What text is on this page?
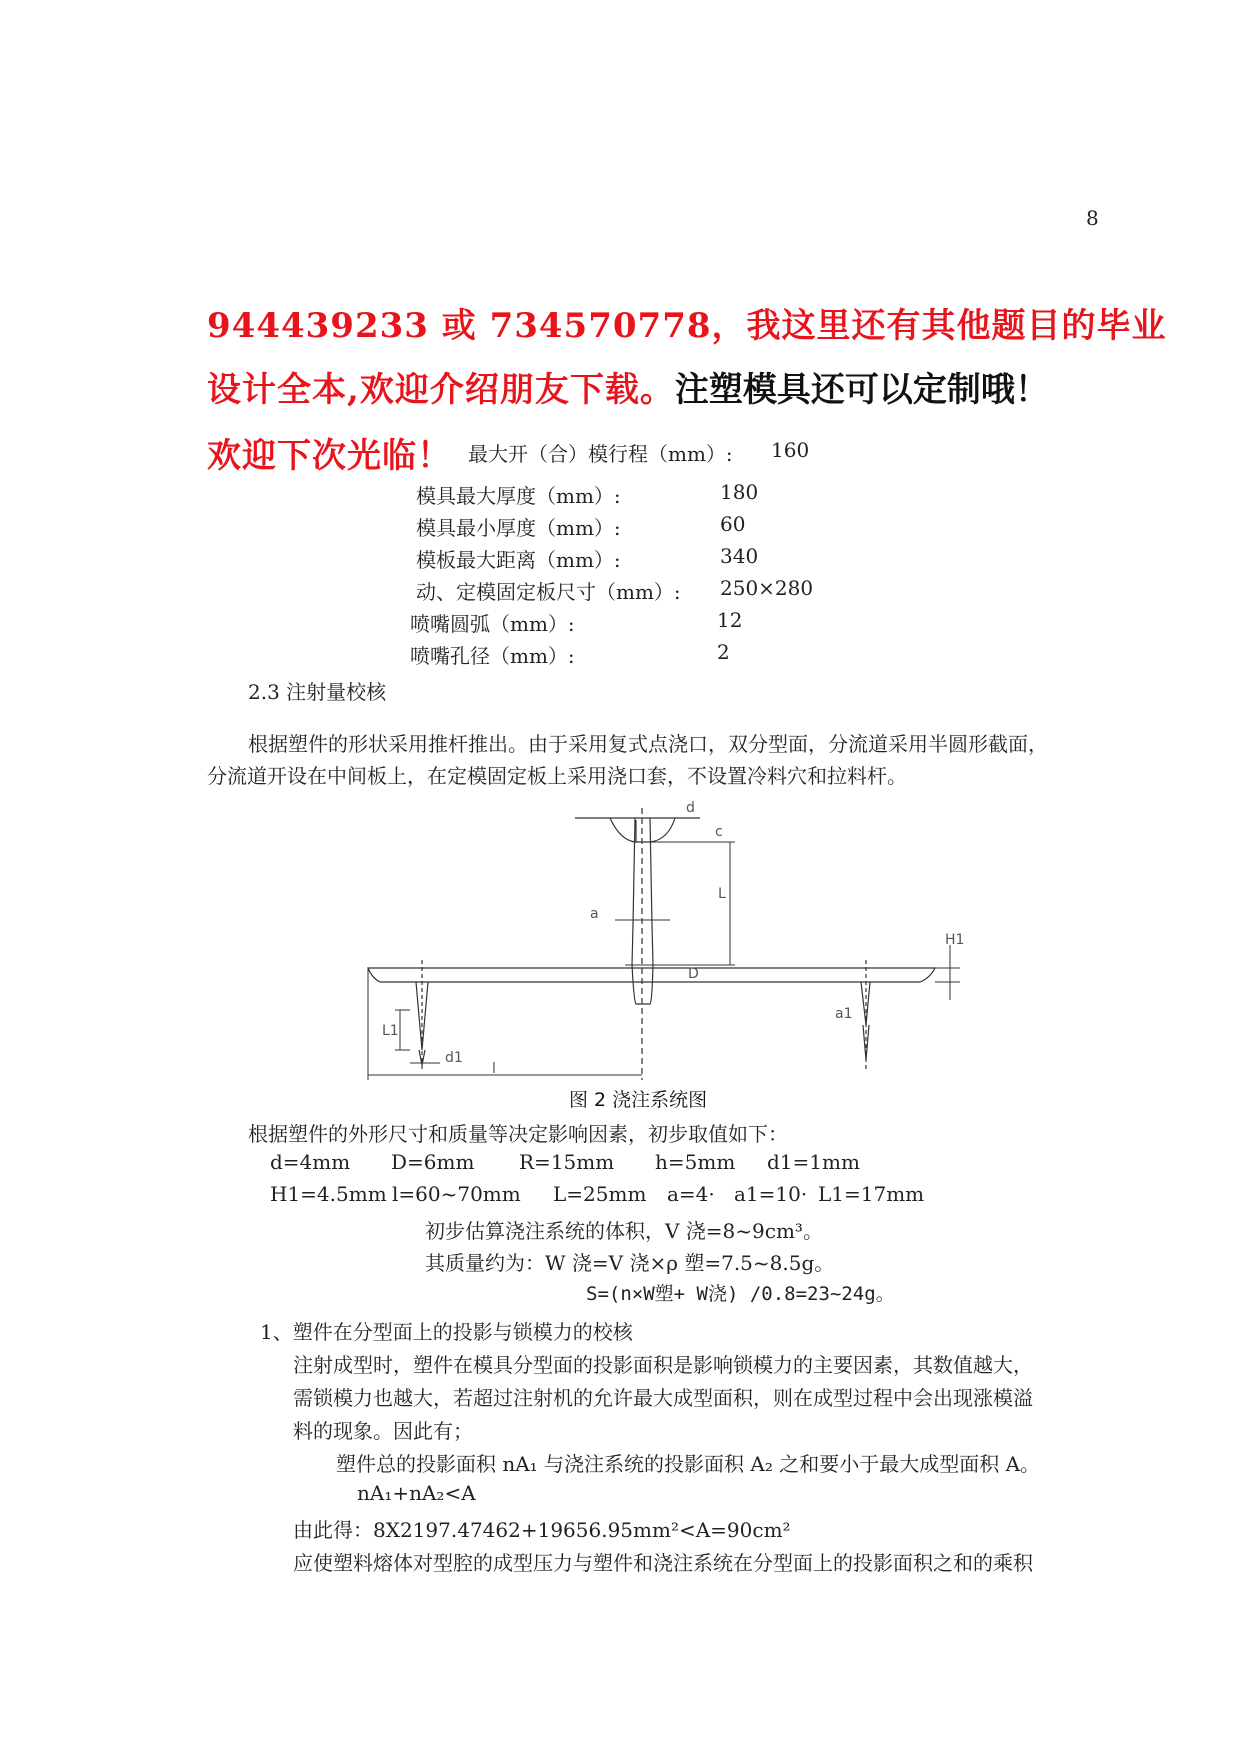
8
944439233 或 734570778，我这里还有其他题目的毕业
设计全本,欢迎介绍朋友下载。注塑模具还可以定制哦！
欢迎下次光临！ 最大开（合）模行程（mm）: 160
模具最大厚度（mm）:	180
模具最小厚度（mm）:	60
模板最大距离（mm）:	340
动、定模固定板尺寸（mm）: 250×280
喷嘴圆弧（mm）:	12
喷嘴孔径（mm）:	2
2.3 注射量校核
根据塑件的形状采用推杆推出。由于采用复式点浇口，双分型面，分流道采用半圆形截面，
分流道开设在中间板上，在定模固定板上采用浇口套，不设置冷料穴和拉料杆。
d
c
L
a
H1
D
L1
a1
d1
l
图 2 浇注系统图
根据塑件的外形尺寸和质量等决定影响因素，初步取值如下：
d=4mm D=6mm R=15mm h=5mm d1=1mm
H1=4.5mm l=60~70mm L=25mm a=4· a1=10· L1=17mm
初步估算浇注系统的体积，V 浇=8~9cm³。
其质量约为：W 浇=V 浇×ρ 塑=7.5~8.5g。
S=(n×W塑+ W浇) /0.8=23~24g。
1、塑件在分型面上的投影与锁模力的校核
注射成型时，塑件在模具分型面的投影面积是影响锁模力的主要因素，其数值越大，
需锁模力也越大，若超过注射机的允许最大成型面积，则在成型过程中会出现涨模溢
料的现象。因此有；
塑件总的投影面积 nA₁ 与浇注系统的投影面积 A₂ 之和要小于最大成型面积 A。
nA₁+nA₂<A
由此得：8X2197.47462+19656.95mm²<A=90cm²
应使塑料熔体对型腔的成型压力与塑件和浇注系统在分型面上的投影面积之和的乘积
